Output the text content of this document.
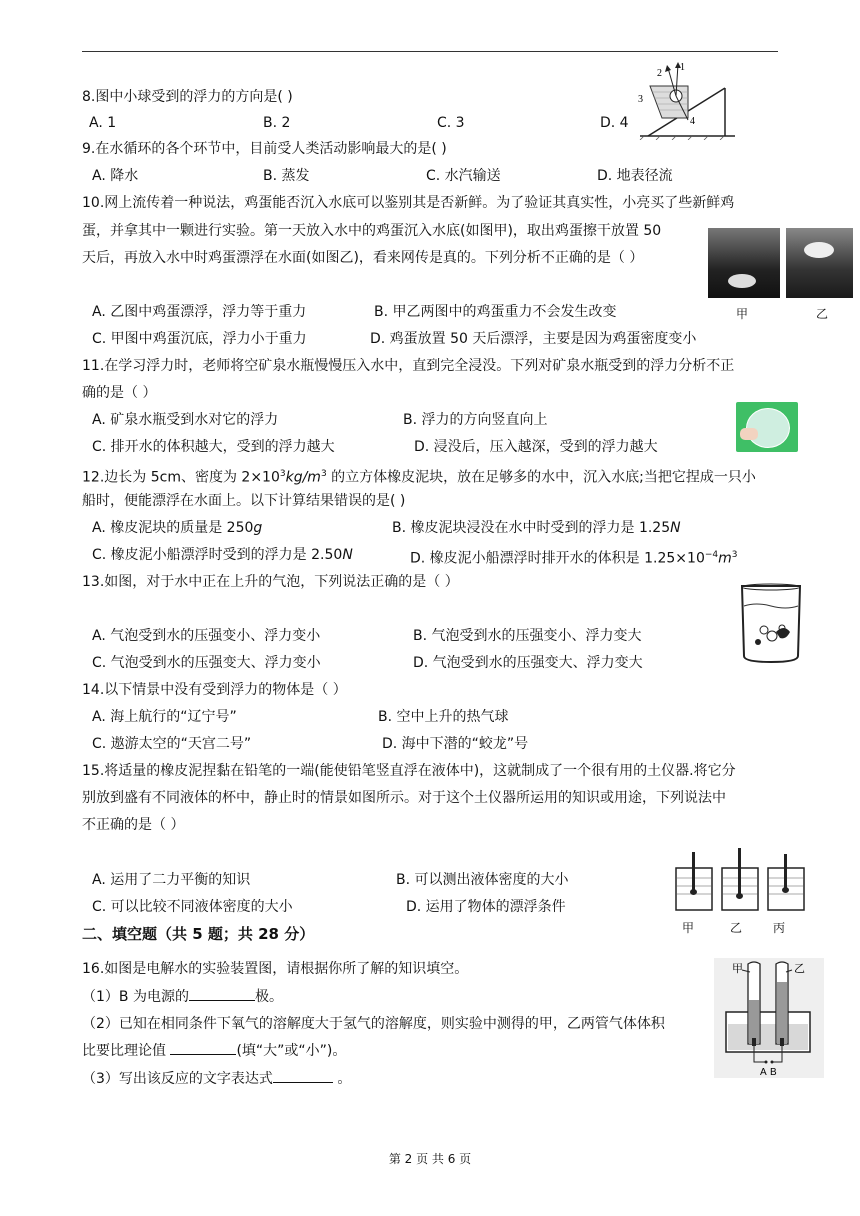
8.图中小球受到的浮力的方向是( )
A. 1	B. 2	C. 3	D. 4
1
2
3
4
9.在水循环的各个环节中，目前受人类活动影响最大的是( )
A. 降水	B. 蒸发	C. 水汽输送	D. 地表径流
10.网上流传着一种说法，鸡蛋能否沉入水底可以鉴别其是否新鲜。为了验证其真实性，小亮买了些新鲜鸡
蛋，并拿其中一颗进行实验。第一天放入水中的鸡蛋沉入水底(如图甲)，取出鸡蛋擦干放置 50
天后，再放入水中时鸡蛋漂浮在水面(如图乙)，看来网传是真的。下列分析不正确的是（ ）
甲	乙
A. 乙图中鸡蛋漂浮，浮力等于重力	B. 甲乙两图中的鸡蛋重力不会发生改变
C. 甲图中鸡蛋沉底，浮力小于重力	D. 鸡蛋放置 50 天后漂浮，主要是因为鸡蛋密度变小
11.在学习浮力时，老师将空矿泉水瓶慢慢压入水中，直到完全浸没。下列对矿泉水瓶受到的浮力分析不正
确的是（ ）
A. 矿泉水瓶受到水对它的浮力	B. 浮力的方向竖直向上
C. 排开水的体积越大，受到的浮力越大	D. 浸没后，压入越深，受到的浮力越大
12.边长为 5cm、密度为 $2\times 10^3kg/m^3$ 的立方体橡皮泥块，放在足够多的水中，沉入水底;当把它捏成一只小
船时，便能漂浮在水面上。以下计算结果错误的是( )
A. 橡皮泥块的质量是 250g	B. 橡皮泥块浸没在水中时受到的浮力是 1.25N
C. 橡皮泥小船漂浮时受到的浮力是 2.50N	D. 橡皮泥小船漂浮时排开水的体积是 $1.25\times 10^{-4}m^3$
13.如图，对于水中正在上升的气泡，下列说法正确的是（ ）
A. 气泡受到水的压强变小、浮力变小	B. 气泡受到水的压强变小、浮力变大
C. 气泡受到水的压强变大、浮力变小	D. 气泡受到水的压强变大、浮力变大
14.以下情景中没有受到浮力的物体是（ ）
A. 海上航行的“辽宁号”	B. 空中上升的热气球
C. 遨游太空的“天宫二号”	D. 海中下潜的“蛟龙”号
15.将适量的橡皮泥捏黏在铅笔的一端(能使铅笔竖直浮在液体中)，这就制成了一个很有用的土仪器.将它分
别放到盛有不同液体的杯中，静止时的情景如图所示。对于这个土仪器所运用的知识或用途，下列说法中
不正确的是（ ）
A. 运用了二力平衡的知识	B. 可以测出液体密度的大小
C. 可以比较不同液体密度的大小	D. 运用了物体的漂浮条件
甲	乙	丙
二、填空题（共 5 题；共 28 分）
16.如图是电解水的实验装置图，请根据你所了解的知识填空。
（1）B 为电源的	极。
（2）已知在相同条件下氧气的溶解度大于氢气的溶解度，则实验中测得的甲，乙两管气体体积
比要比理论值	(填“大”或“小”)。
（3）写出该反应的文字表达式	。
甲	乙
A B
第 2 页 共 6 页
